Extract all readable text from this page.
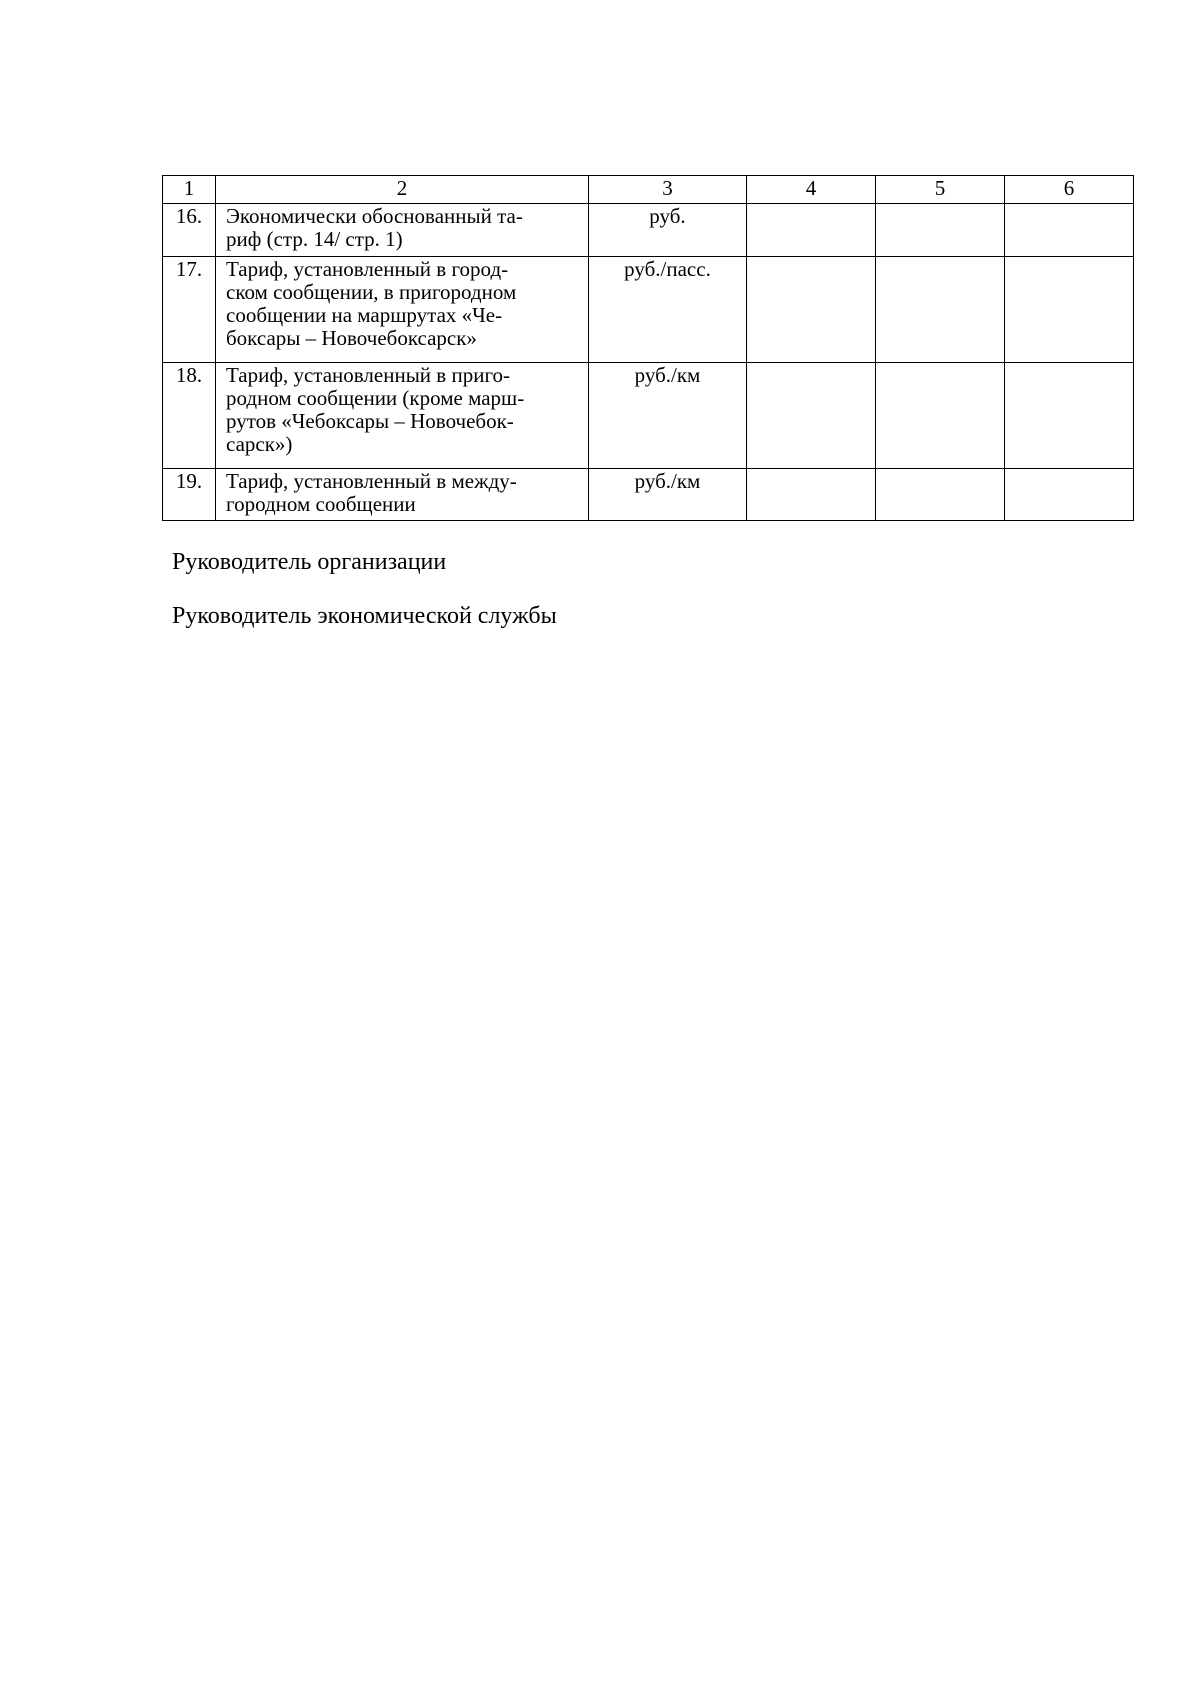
1	2	3	4	5	6
16.	Экономически обоснованный та-
риф (стр. 14/ стр. 1)	руб.			
17.	Тариф, установленный в город-
ском сообщении, в пригородном
сообщении на маршрутах «Че-
боксары – Новочебоксарск»	руб./пасс.			
18.	Тариф, установленный в приго-
родном сообщении (кроме марш-
рутов «Чебоксары – Новочебок-
сарск»)	руб./км			
19.	Тариф, установленный в между-
городном сообщении	руб./км			
Руководитель организации
Руководитель экономической службы
